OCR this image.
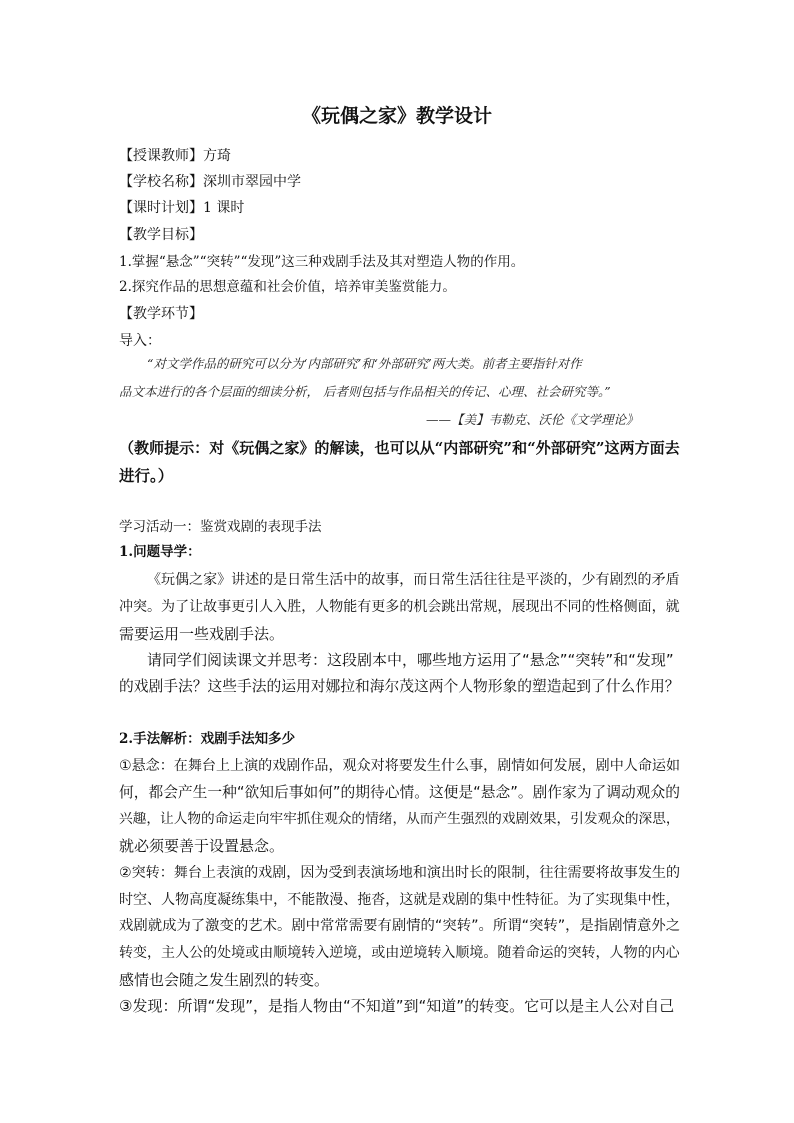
《玩偶之家》教学设计
【授课教师】方琦
【学校名称】深圳市翠园中学
【课时计划】1 课时
【教学目标】
1.掌握“悬念”“突转”“发现”这三种戏剧手法及其对塑造人物的作用。
2.探究作品的思想意蕴和社会价值，培养审美鉴赏能力。
【教学环节】
导入：
“对文学作品的研究可以分为‘内部研究’和‘外部研究’两大类。前者主要指针对作
品文本进行的各个层面的细读分析， 后者则包括与作品相关的传记、心理、社会研究等。”
——【美】韦勒克、沃伦《文学理论》
（教师提示：对《玩偶之家》的解读，也可以从“内部研究”和“外部研究”这两方面去
进行。）
学习活动一：鉴赏戏剧的表现手法
1.问题导学：
《玩偶之家》讲述的是日常生活中的故事，而日常生活往往是平淡的，少有剧烈的矛盾
冲突。为了让故事更引人入胜，人物能有更多的机会跳出常规，展现出不同的性格侧面，就
需要运用一些戏剧手法。
请同学们阅读课文并思考：这段剧本中，哪些地方运用了“悬念”“突转”和“发现”
的戏剧手法？这些手法的运用对娜拉和海尔茂这两个人物形象的塑造起到了什么作用？
2.手法解析：戏剧手法知多少
①悬念：在舞台上上演的戏剧作品，观众对将要发生什么事，剧情如何发展，剧中人命运如
何，都会产生一种“欲知后事如何”的期待心情。这便是“悬念”。剧作家为了调动观众的
兴趣，让人物的命运走向牢牢抓住观众的情绪，从而产生强烈的戏剧效果，引发观众的深思，
就必须要善于设置悬念。
②突转：舞台上表演的戏剧，因为受到表演场地和演出时长的限制，往往需要将故事发生的
时空、人物高度凝练集中，不能散漫、拖沓，这就是戏剧的集中性特征。为了实现集中性，
戏剧就成为了激变的艺术。剧中常常需要有剧情的“突转”。所谓“突转”，是指剧情意外之
转变，主人公的处境或由顺境转入逆境，或由逆境转入顺境。随着命运的突转，人物的内心
感情也会随之发生剧烈的转变。
③发现：所谓“发现”，是指人物由“不知道”到“知道”的转变。它可以是主人公对自己
